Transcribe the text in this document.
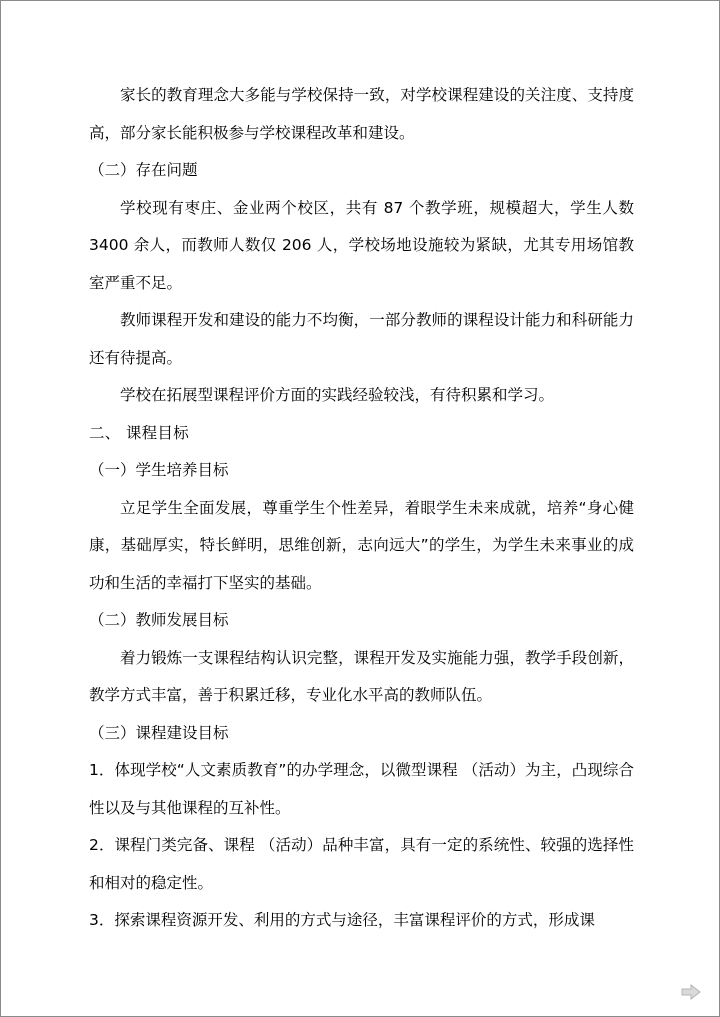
家长的教育理念大多能与学校保持一致，对学校课程建设的关注度、支持度高，部分家长能积极参与学校课程改革和建设。

（二）存在问题

学校现有枣庄、金业两个校区，共有 87 个教学班，规模超大，学生人数 3400 余人，而教师人数仅 206 人，学校场地设施较为紧缺，尤其专用场馆教室严重不足。

教师课程开发和建设的能力不均衡，一部分教师的课程设计能力和科研能力还有待提高。

学校在拓展型课程评价方面的实践经验较浅，有待积累和学习。

二、 课程目标

（一）学生培养目标

立足学生全面发展，尊重学生个性差异，着眼学生未来成就，培养“身心健康，基础厚实，特长鲜明，思维创新，志向远大”的学生，为学生未来事业的成功和生活的幸福打下坚实的基础。

（二）教师发展目标

着力锻炼一支课程结构认识完整，课程开发及实施能力强，教学手段创新，教学方式丰富，善于积累迁移，专业化水平高的教师队伍。

（三）课程建设目标

1．体现学校“人文素质教育”的办学理念，以微型课程 （活动）为主，凸现综合性以及与其他课程的互补性。

2．课程门类完备、课程 （活动）品种丰富，具有一定的系统性、较强的选择性和相对的稳定性。

3．探索课程资源开发、利用的方式与途径，丰富课程评价的方式，形成课
